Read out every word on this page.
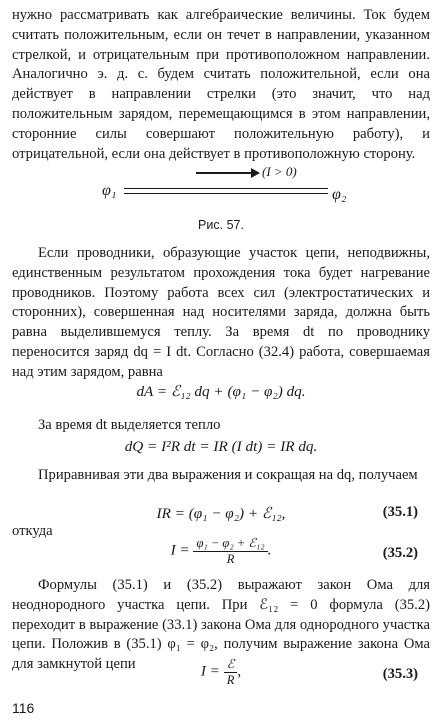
нужно рассматривать как алгебраические величины. Ток будем считать положительным, если он течет в направлении, указанном стрелкой, и отрицательным при противоположном направлении. Аналогично э. д. с. будем считать положительной, если она действует в направлении стрелки (это значит, что над положительным зарядом, перемещающимся в этом направлении, сторонние силы совершают положительную работу), и отрицательной, если она действует в противоположную сторону.

(I > 0)
φ₁	φ₂
Рис. 57.

Если проводники, образующие участок цепи, неподвижны, единственным результатом прохождения тока будет нагревание проводников. Поэтому работа всех сил (электростатических и сторонних), совершенная над носителями заряда, должна быть равна выделившемуся теплу. За время dt по проводнику переносится заряд dq = I dt. Согласно (32.4) работа, совершаемая над этим зарядом, равна

dA = ℰ₁₂ dq + (φ₁ − φ₂) dq.

За время dt выделяется тепло

dQ = I²R dt = IR (I dt) = IR dq.

Приравнивая эти два выражения и сокращая на dq, получаем

IR = (φ₁ − φ₂) + ℰ₁₂,	(35.1)

откуда

$I = \frac{\text{φ₁ − φ₂ + ℰ₁₂}}{R}$ .	(35.2)

Формулы (35.1) и (35.2) выражают закон Ома для неоднородного участка цепи. При ℰ₁₂ = 0 формула (35.2) переходит в выражение (33.1) закона Ома для однородного участка цепи. Положив в (35.1) φ₁ = φ₂, получим выражение закона Ома для замкнутой цепи	$I = \frac{\text{ℰ}}{R}$ ,	(35.3)
116
